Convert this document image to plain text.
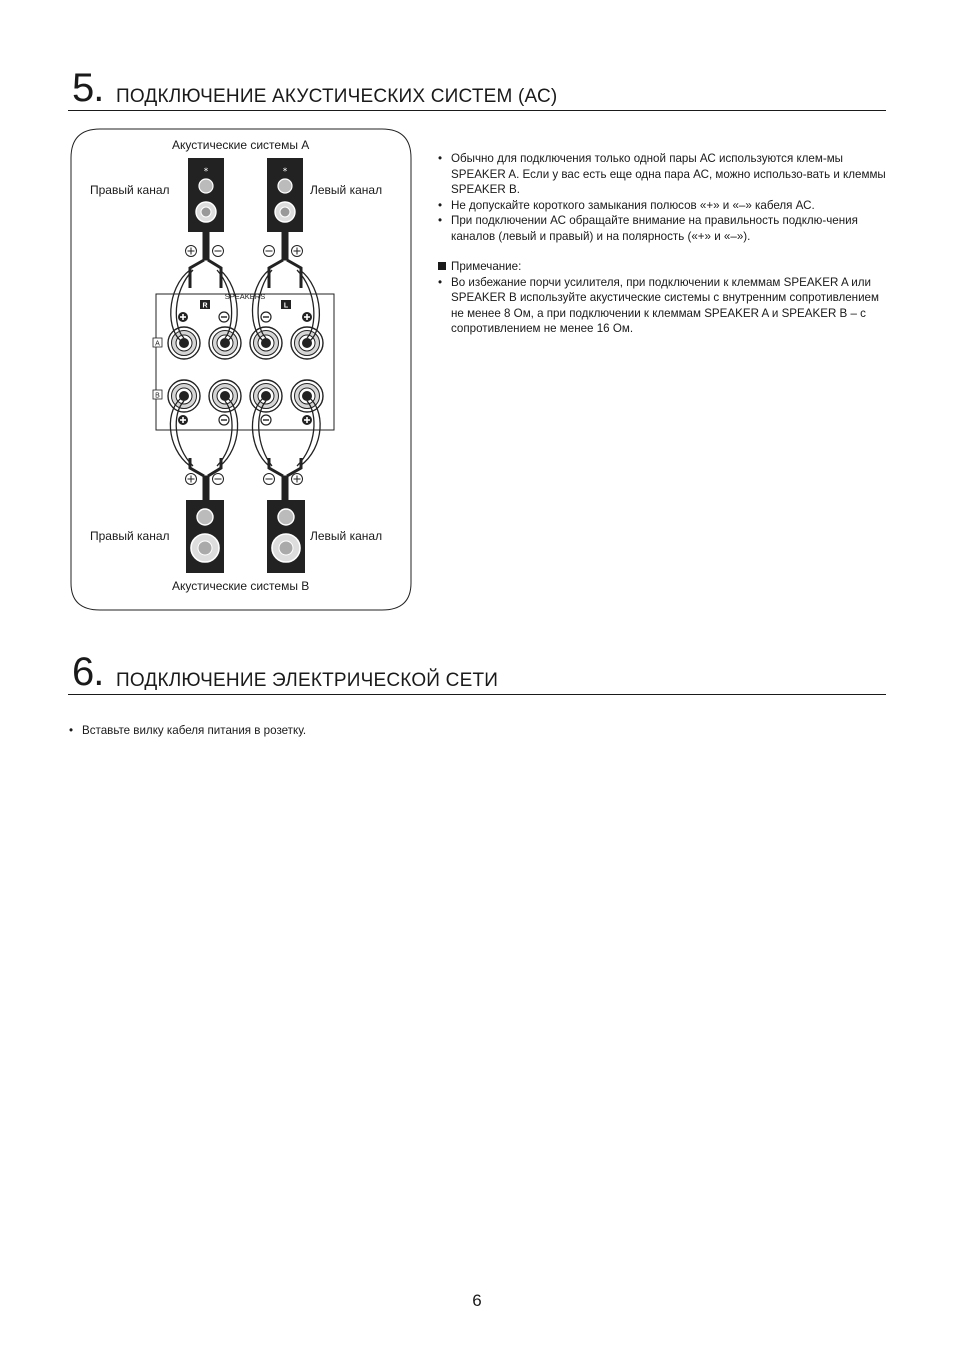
5. ПОДКЛЮЧЕНИЕ АКУСТИЧЕСКИХ СИСТЕМ (АС)
*	*
SPEAKERS
R	L
A
B
Акустические системы A
Правый канал	Левый канал
Правый канал	Левый канал
Акустические системы B
• Обычно для подключения только одной пары АС используются клем-мы SPEAKER A. Если у вас есть еще одна пара АС, можно использо-вать и клеммы SPEAKER B.
• Не допускайте короткого замыкания полюсов «+» и «–» кабеля АС.
• При подключении АС обращайте внимание на правильность подклю-чения каналов (левый и правый) и на полярность («+» и «–»).
Примечание:
• Во избежание порчи усилителя, при подключении к клеммам SPEAKER A или SPEAKER B используйте акустические системы с внутренним сопротивлением не менее 8 Ом, а при подключении к клеммам SPEAKER A и SPEAKER B – с сопротивлением не менее 16 Ом.
6. ПОДКЛЮЧЕНИЕ ЭЛЕКТРИЧЕСКОЙ СЕТИ
• Вставьте вилку кабеля питания в розетку.
6
